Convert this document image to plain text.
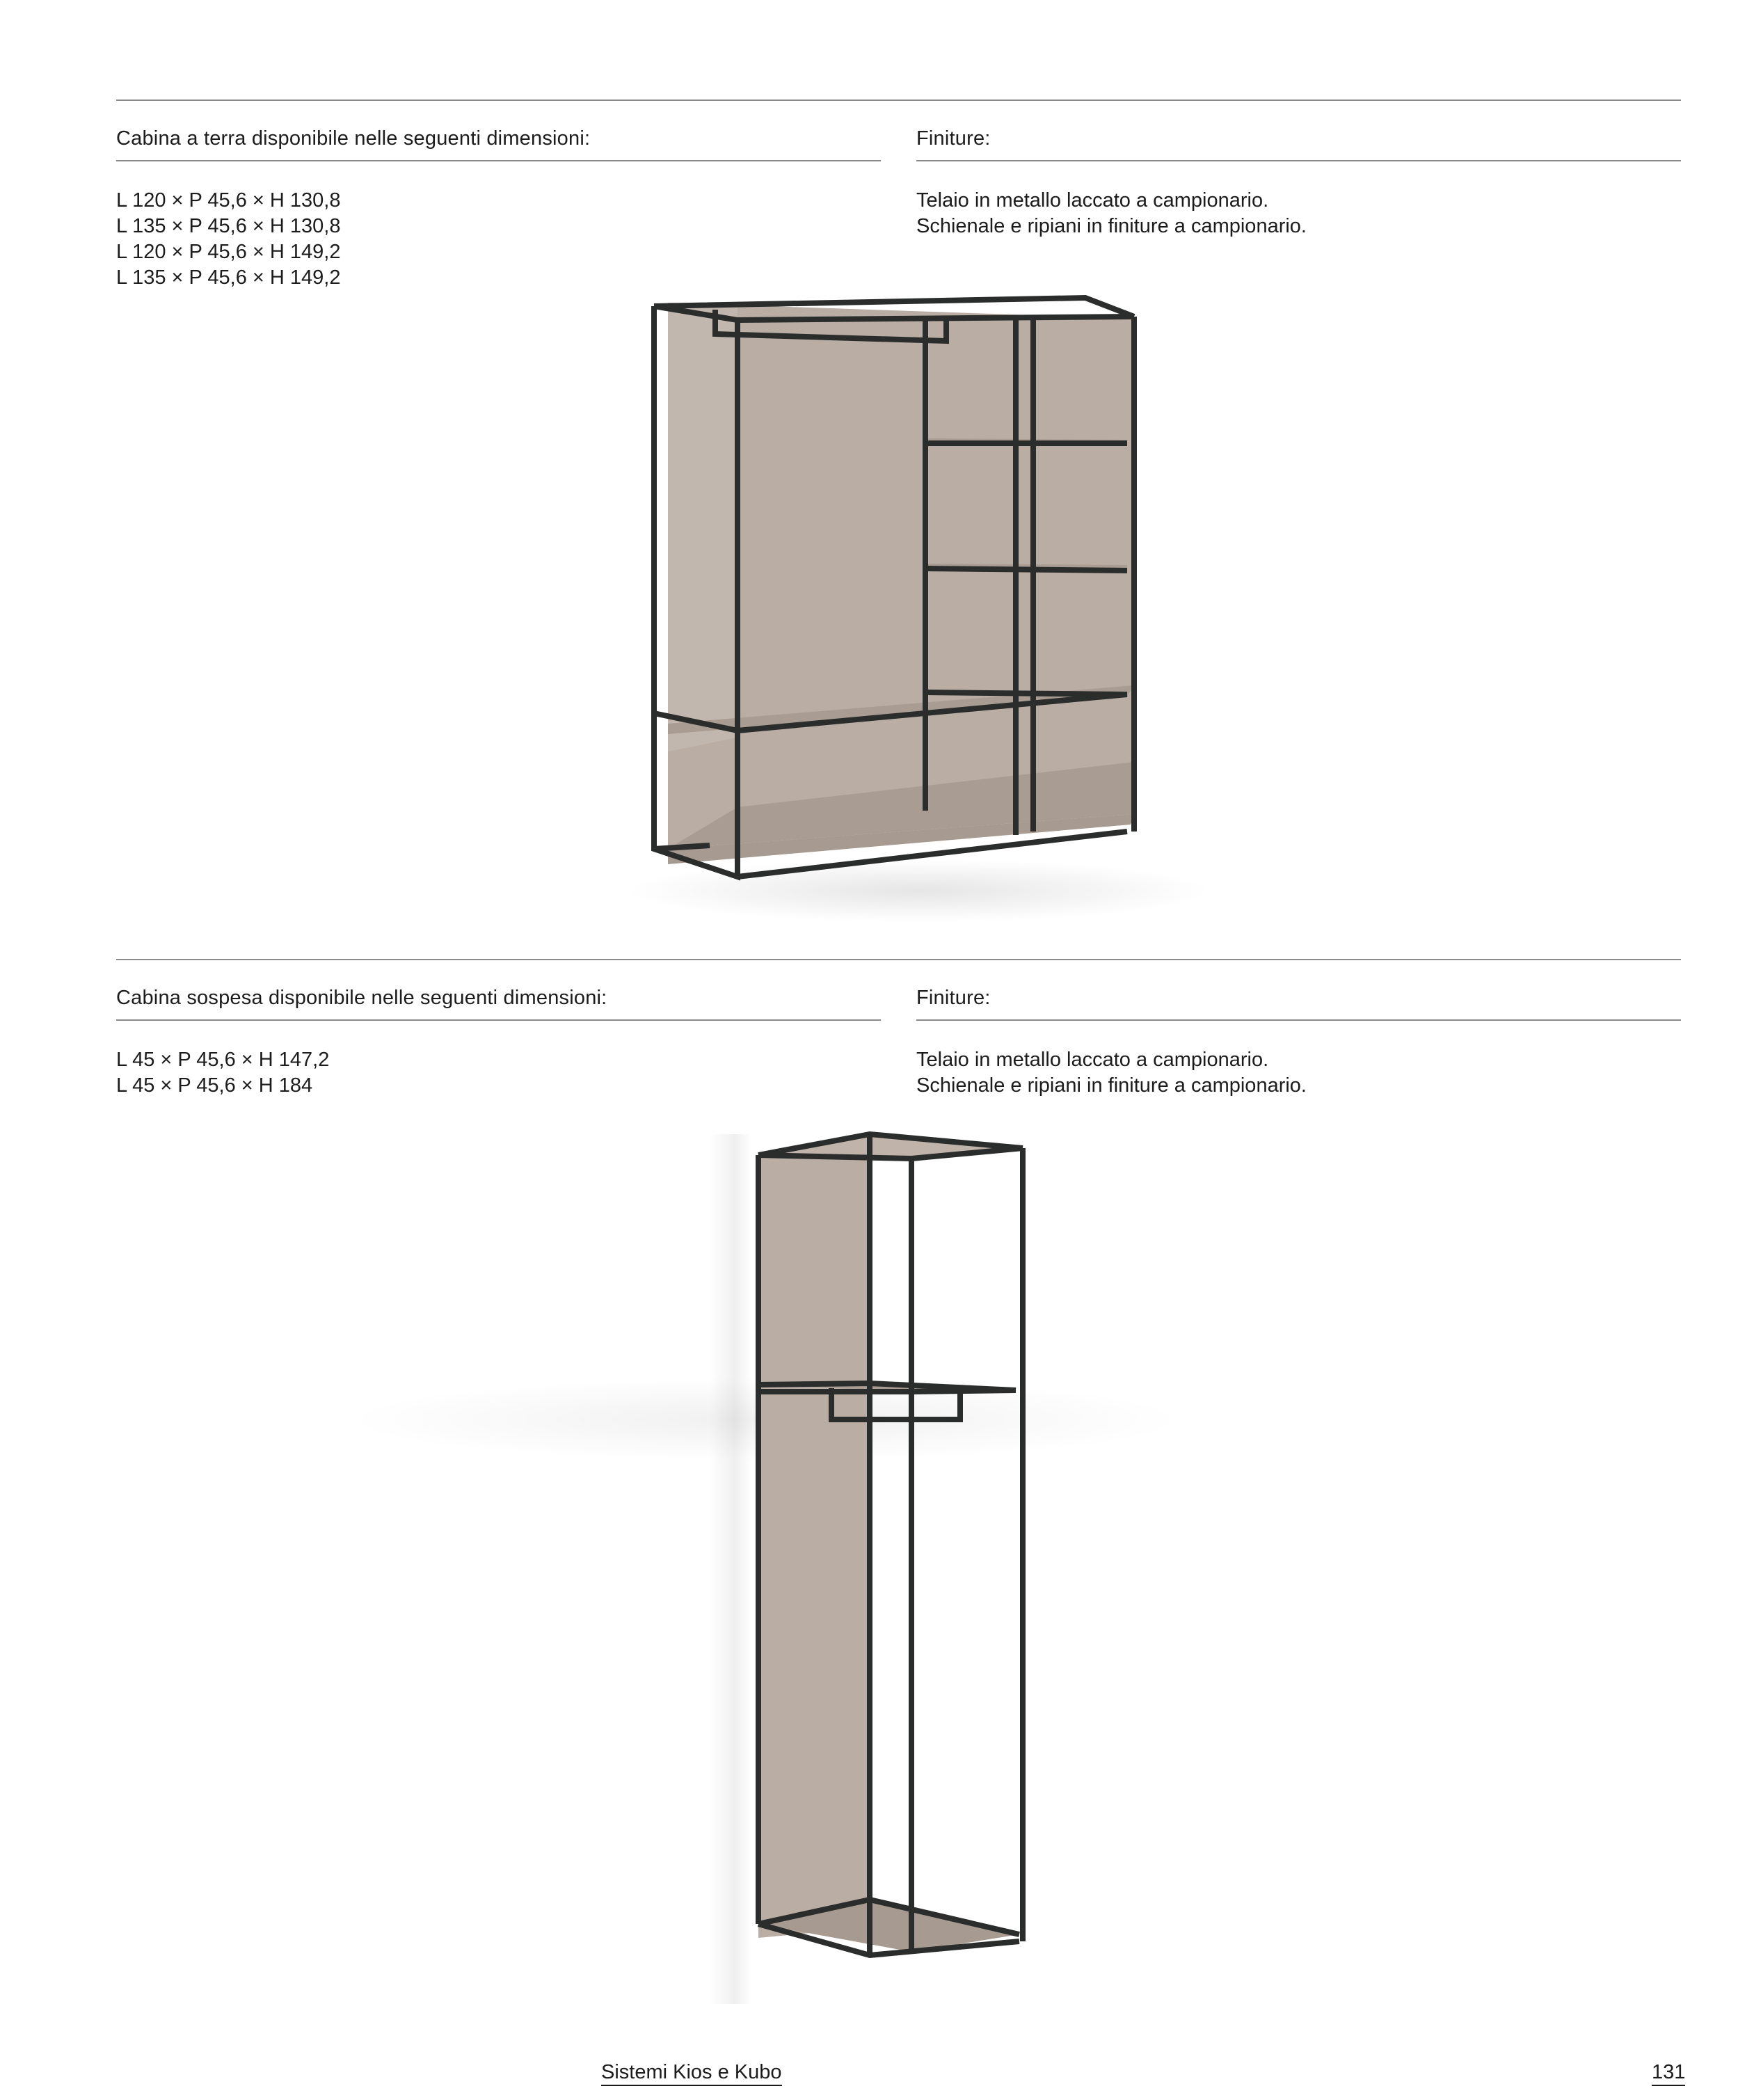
Cabina a terra disponibile nelle seguenti dimensioni:
L 120 × P 45,6 × H 130,8
L 135 × P 45,6 × H 130,8
L 120 × P 45,6 × H 149,2
L 135 × P 45,6 × H 149,2
Finiture:
Telaio in metallo laccato a campionario.
Schienale e ripiani in finiture a campionario.
Cabina sospesa disponibile nelle seguenti dimensioni:
L 45 × P 45,6 × H 147,2
L 45 × P 45,6 × H 184
Finiture:
Telaio in metallo laccato a campionario.
Schienale e ripiani in finiture a campionario.
Sistemi Kios e Kubo	131
